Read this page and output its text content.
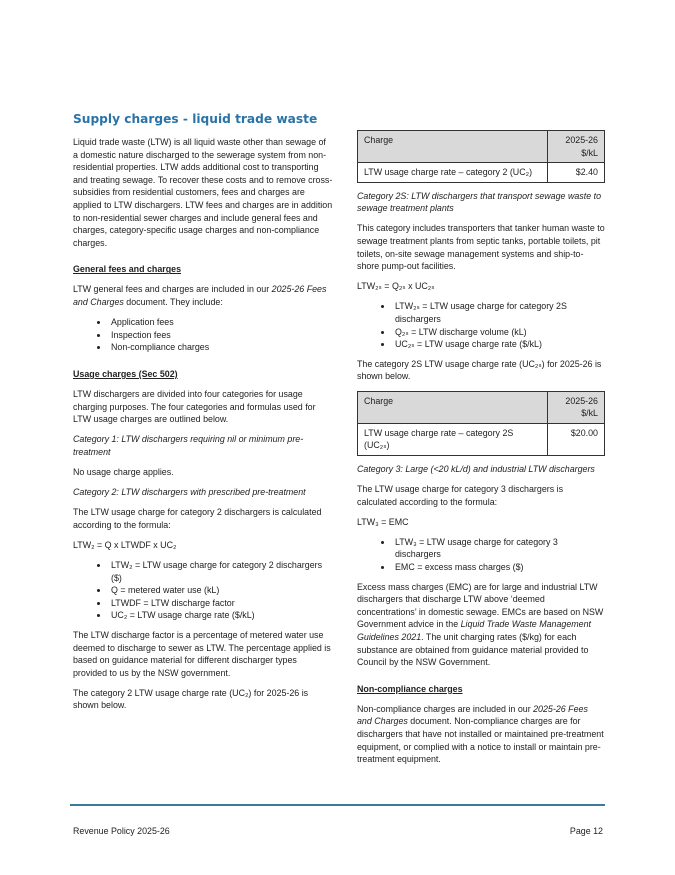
Supply charges - liquid trade waste

Liquid trade waste (LTW) is all liquid waste other than sewage of a domestic nature discharged to the sewerage system from non-residential properties. LTW adds additional cost to transporting and treating sewage. To recover these costs and to remove cross-subsidies from residential customers, fees and charges are applied to LTW dischargers. LTW fees and charges are in addition to non-residential sewer charges and include general fees and charges, category-specific usage charges and non-compliance charges.

General fees and charges

LTW general fees and charges are included in our 2025-26 Fees and Charges document. They include:

• Application fees
• Inspection fees
• Non-compliance charges

Usage charges (Sec 502)

LTW dischargers are divided into four categories for usage charging purposes. The four categories and formulas used for LTW usage charges are outlined below.

Category 1: LTW dischargers requiring nil or minimum pre-treatment

No usage charge applies.

Category 2: LTW dischargers with prescribed pre-treatment

The LTW usage charge for category 2 dischargers is calculated according to the formula:

LTW₂ = Q x LTWDF x UC₂

• LTW₂ = LTW usage charge for category 2 dischargers ($)
• Q = metered water use (kL)
• LTWDF = LTW discharge factor
• UC₂ = LTW usage charge rate ($/kL)

The LTW discharge factor is a percentage of metered water use deemed to discharge to sewer as LTW. The percentage applied is based on guidance material for different discharger types provided to us by the NSW government.

The category 2 LTW usage charge rate (UC₂) for 2025-26 is shown below.

Charge	2025-26 $/kL
LTW usage charge rate – category 2 (UC₂)	$2.40

Category 2S: LTW dischargers that transport sewage waste to sewage treatment plants

This category includes transporters that tanker human waste to sewage treatment plants from septic tanks, portable toilets, pit toilets, on-site sewage management systems and ship-to-shore pump-out facilities.

LTW₂ₛ = Q₂ₛ x UC₂ₛ

• LTW₂ₛ = LTW usage charge for category 2S dischargers
• Q₂ₛ = LTW discharge volume (kL)
• UC₂ₛ = LTW usage charge rate ($/kL)

The category 2S LTW usage charge rate (UC₂ₛ) for 2025-26 is shown below.

Charge	2025-26 $/kL
LTW usage charge rate – category 2S (UC₂ₛ)	$20.00

Category 3: Large (<20 kL/d) and industrial LTW dischargers

The LTW usage charge for category 3 dischargers is calculated according to the formula:

LTW₃ = EMC

• LTW₃ = LTW usage charge for category 3 dischargers
• EMC = excess mass charges ($)

Excess mass charges (EMC) are for large and industrial LTW dischargers that discharge LTW above ‘deemed concentrations’ in domestic sewage. EMCs are based on NSW Government advice in the Liquid Trade Waste Management Guidelines 2021. The unit charging rates ($/kg) for each substance are obtained from guidance material provided to Council by the NSW Government.

Non-compliance charges

Non-compliance charges are included in our 2025-26 Fees and Charges document. Non-compliance charges are for dischargers that have not installed or maintained pre-treatment equipment, or complied with a notice to install or maintain pre-treatment equipment.

Revenue Policy 2025-26	Page 12
